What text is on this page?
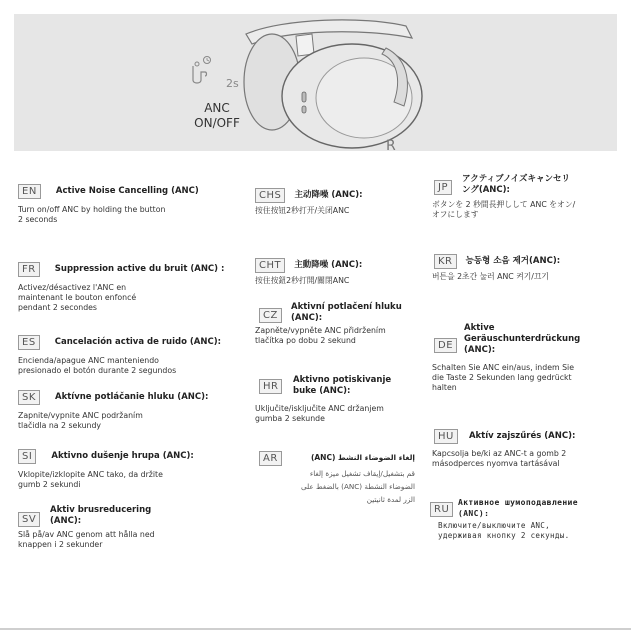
2s
ANC
ON/OFF
R
EN Active Noise Cancelling (ANC)
Turn on/off ANC by holding the button
2 seconds
FR Suppression active du bruit (ANC) :
Activez/désactivez l'ANC en
maintenant le bouton enfoncé
pendant 2 secondes
ES Cancelación activa de ruido (ANC):
Encienda/apague ANC manteniendo
presionado el botón durante 2 segundos
SK Aktívne potláčanie hluku (ANC):
Zapnite/vypnite ANC podržaním
tlačidla na 2 sekundy
SI Aktivno dušenje hrupa (ANC):
Vklopite/izklopite ANC tako, da držite
gumb 2 sekundi
SV
Aktiv brusreducering
(ANC):
Slå på/av ANC genom att hålla ned
knappen i 2 sekunder
CHS 主动降噪 (ANC):
按住按钮2秒打开/关闭ANC
CHT 主動降噪 (ANC):
按住按鈕2秒打開/關閉ANC
CZ
Aktivní potlačení hluku
(ANC):
Zapněte/vypněte ANC přidržením
tlačítka po dobu 2 sekund
HR
Aktivno potiskivanje
buke (ANC):
Uključite/isključite ANC držanjem
gumba 2 sekunde
AR	إلغاء الضوضاء النشط (ANC)
قم بتشغيل/إيقاف تشغيل ميزة إلغاء
الضوضاء النشطة (ANC) بالضغط على
الزر لمدة ثانيتين
JP
アクティブノイズキャンセリ
ング(ANC):
ボタンを 2 秒間長押しして ANC をオン/
オフにします
KR 능동형 소음 제거(ANC):
버튼을 2초간 눌러 ANC 켜기/끄기
DE
Aktive
Geräuschunterdrückung
(ANC):
Schalten Sie ANC ein/aus, indem Sie
die Taste 2 Sekunden lang gedrückt
halten
HU Aktív zajszűrés (ANC):
Kapcsolja be/ki az ANC-t a gomb 2
másodperces nyomva tartásával
RU
Активное шумоподавление
(ANC):
Включите/выключите ANC,
удерживая кнопку 2 секунды.
